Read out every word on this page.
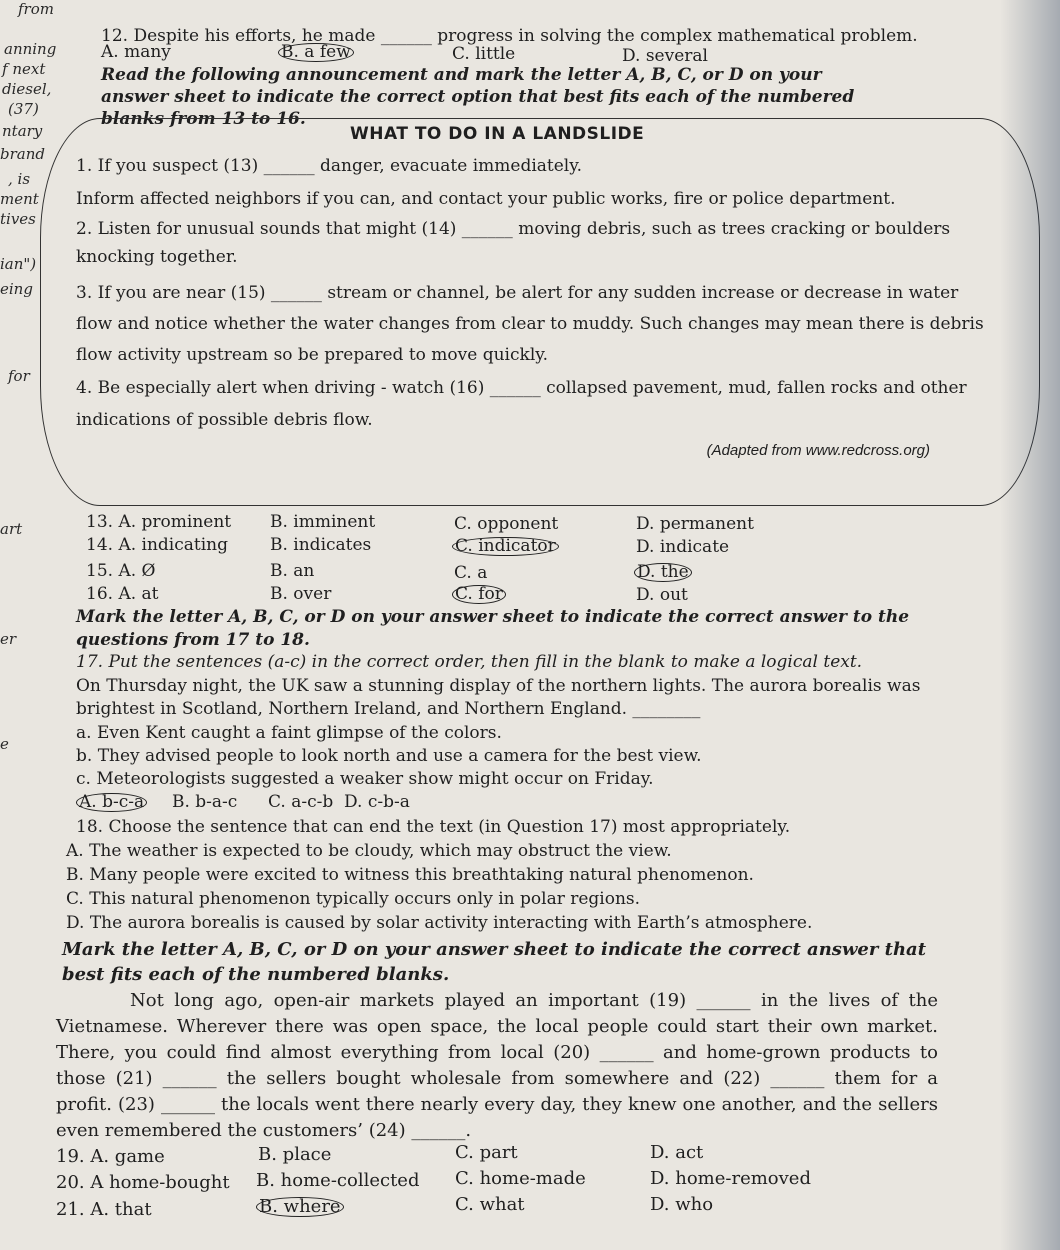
from
anning
f next
diesel,
(37)
ntary
brand
, is
ment
tives
ian")
eing
for
art
er
e
12. Despite his efforts, he made ______ progress in solving the complex mathematical problem.
A. many	B. a few	C. little	D. several
Read the following announcement and mark the letter A, B, C, or D on your answer sheet to indicate the correct option that best fits each of the numbered blanks from 13 to 16.
WHAT TO DO IN A LANDSLIDE
1. If you suspect (13) ______ danger, evacuate immediately.
Inform affected neighbors if you can, and contact your public works, fire or police department.
2. Listen for unusual sounds that might (14) ______ moving debris, such as trees cracking or boulders
knocking together.
3. If you are near (15) ______ stream or channel, be alert for any sudden increase or decrease in water
flow and notice whether the water changes from clear to muddy. Such changes may mean there is debris
flow activity upstream so be prepared to move quickly.
4. Be especially alert when driving - watch (16) ______ collapsed pavement, mud, fallen rocks and other
indications of possible debris flow.
(Adapted from www.redcross.org)
13. A. prominent B. imminent	C. opponent	D. permanent
14. A. indicating B. indicates	C. indicator	D. indicate
15. A. Ø	B. an	C. a	D. the
16. A. at	B. over	C. for	D. out
Mark the letter A, B, C, or D on your answer sheet to indicate the correct answer to the questions from 17 to 18.
17. Put the sentences (a-c) in the correct order, then fill in the blank to make a logical text.
On Thursday night, the UK saw a stunning display of the northern lights. The aurora borealis was
brightest in Scotland, Northern Ireland, and Northern England. ________
a. Even Kent caught a faint glimpse of the colors.
b. They advised people to look north and use a camera for the best view.
c. Meteorologists suggested a weaker show might occur on Friday.
A. b-c-a B. b-a-c C. a-c-b D. c-b-a
18. Choose the sentence that can end the text (in Question 17) most appropriately.
A. The weather is expected to be cloudy, which may obstruct the view.
B. Many people were excited to witness this breathtaking natural phenomenon.
C. This natural phenomenon typically occurs only in polar regions.
D. The aurora borealis is caused by solar activity interacting with Earth’s atmosphere.
Mark the letter A, B, C, or D on your answer sheet to indicate the correct answer that best fits each of the numbered blanks.
Not long ago, open-air markets played an important (19) ______ in the lives of the Vietnamese. Wherever there was open space, the local people could start their own market. There, you could find almost everything from local (20) ______ and home-grown products to those (21) ______ the sellers bought wholesale from somewhere and (22) ______ them for a profit. (23) ______ the locals went there nearly every day, they knew one another, and the sellers even remembered the customers’ (24) ______.
19. A. game	B. place	C. part	D. act
20. A home-bought B. home-collected C. home-made	D. home-removed
21. A. that	B. where	C. what	D. who
